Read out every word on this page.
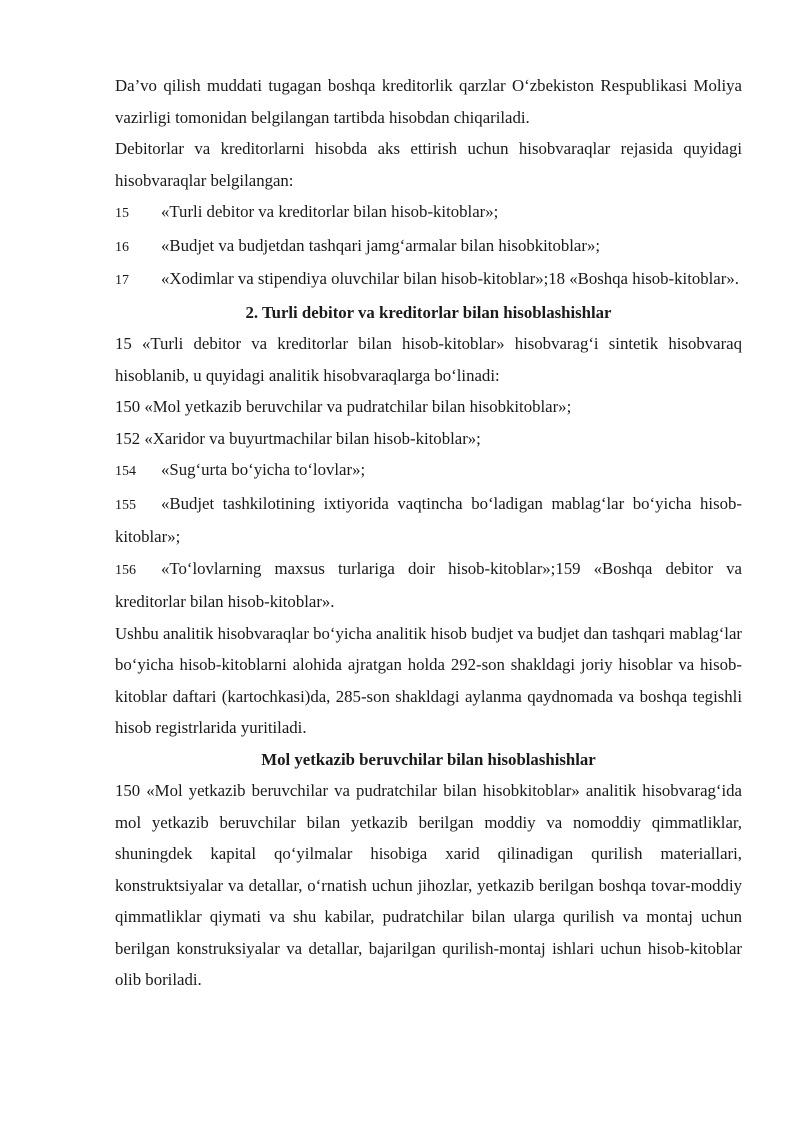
Da’vo qilish muddati tugagan boshqa kreditorlik qarzlar O‘zbekiston Respublikasi Moliya vazirligi tomonidan belgilangan tartibda hisobdan chiqariladi.

Debitorlar va kreditorlarni hisobda aks ettirish uchun hisobvaraqlar rejasida quyidagi hisobvaraqlar belgilangan:

15 «Turli debitor va kreditorlar bilan hisob-kitoblar»;

16 «Budjet va budjetdan tashqari jamg‘armalar bilan hisobkitoblar»;

17 «Xodimlar va stipendiya oluvchilar bilan hisob-kitoblar»;18 «Boshqa hisob-kitoblar».

2. Turli debitor va kreditorlar bilan hisoblashishlar

15 «Turli debitor va kreditorlar bilan hisob-kitoblar» hisobvarag‘i sintetik hisobvaraq hisoblanib, u quyidagi analitik hisobvaraqlarga bo‘linadi:

150 «Mol yetkazib beruvchilar va pudratchilar bilan hisobkitoblar»;

152 «Xaridor va buyurtmachilar bilan hisob-kitoblar»;

154 «Sug‘urta bo‘yicha to‘lovlar»;

155 «Budjet tashkilotining ixtiyorida vaqtincha bo‘ladigan mablag‘lar bo‘yicha hisob-kitoblar»;

156 «To‘lovlarning maxsus turlariga doir hisob-kitoblar»;159 «Boshqa debitor va kreditorlar bilan hisob-kitoblar».

Ushbu analitik hisobvaraqlar bo‘yicha analitik hisob budjet va budjet dan tashqari mablag‘lar bo‘yicha hisob-kitoblarni alohida ajratgan holda 292-son shakldagi joriy hisoblar va hisob-kitoblar daftari (kartochkasi)da, 285-son shakldagi aylanma qaydnomada va boshqa tegishli hisob registrlarida yuritiladi.

Mol yetkazib beruvchilar bilan hisoblashishlar

150 «Mol yetkazib beruvchilar va pudratchilar bilan hisobkitoblar» analitik hisobvarag‘ida mol yetkazib beruvchilar bilan yetkazib berilgan moddiy va nomoddiy qimmatliklar, shuningdek kapital qo‘yilmalar hisobiga xarid qilinadigan qurilish materiallari, konstruktsiyalar va detallar, o‘rnatish uchun jihozlar, yetkazib berilgan boshqa tovar-moddiy qimmatliklar qiymati va shu kabilar, pudratchilar bilan ularga qurilish va montaj uchun berilgan konstruksiyalar va detallar, bajarilgan qurilish-montaj ishlari uchun hisob-kitoblar olib boriladi.
